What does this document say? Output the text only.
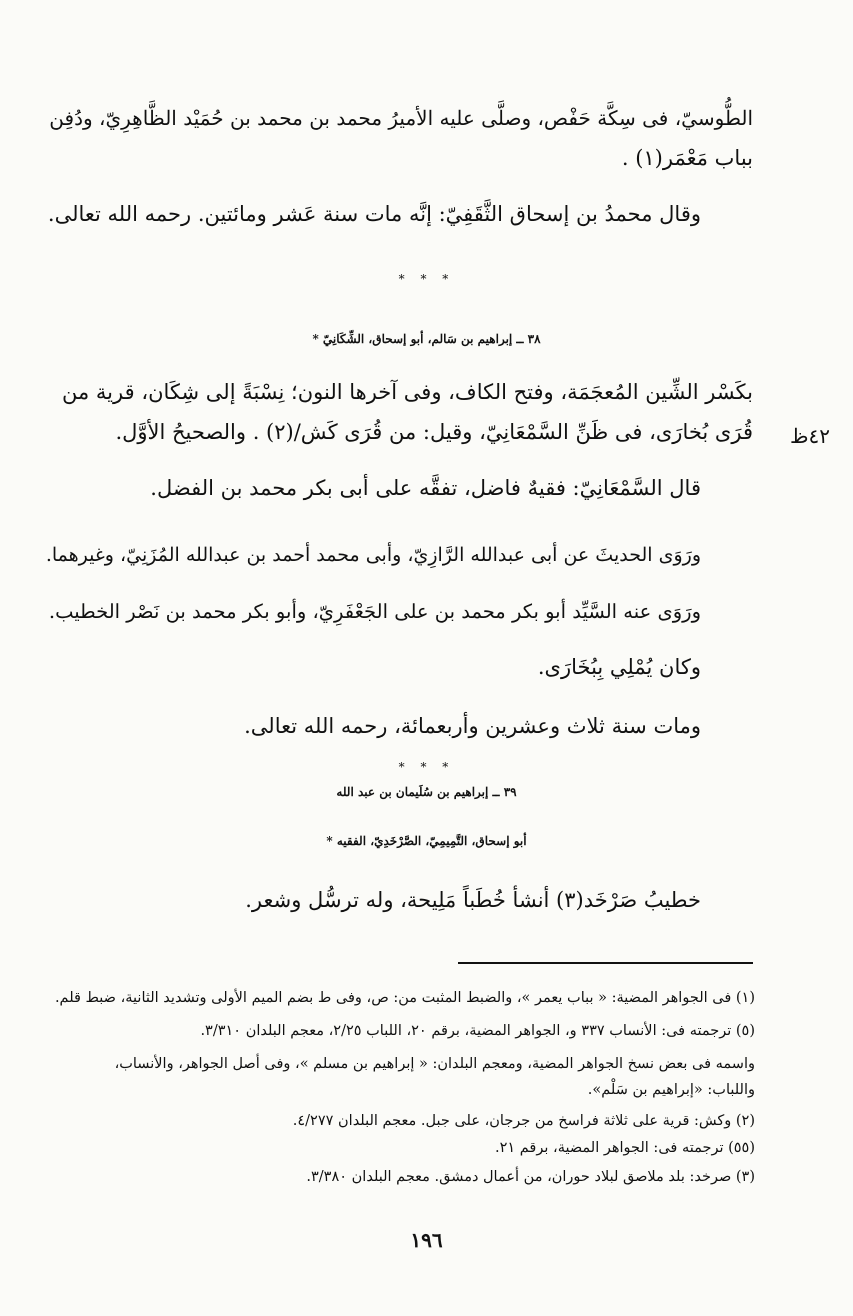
الطُّوسيّ، فى سِكَّة حَفْص، وصلَّى عليه الأميرُ محمد بن محمد بن حُمَيْد الظَّاهِرِيّ، ودُفِن
بباب مَعْمَر(١) .
وقال محمدُ بن إسحاق الثَّقَفِيّ: إنَّه مات سنة عَشر ومائتين. رحمه الله تعالى.
* * *
٣٨ ــ إبراهيم بن سَالم، أبو إسحاق، الشِّكَانِيّ *
بكَسْر الشِّين المُعجَمَة، وفتح الكاف، وفى آخرها النون؛ نِسْبَةً إلى شِكَان، قرية من
قُرَى بُخارَى، فى ظَنِّ السَّمْعَانِيّ، وقيل: من قُرَى كَش/(٢) . والصحيحُ الأوَّل. ٤٢ظ
قال السَّمْعَانِيّ: فقيهٌ فاضل، تفقَّه على أبى بكر محمد بن الفضل.
ورَوَى الحديثَ عن أبى عبدالله الرَّازِيّ، وأبى محمد أحمد بن عبدالله المُزَنِيّ، وغيرهما.
ورَوَى عنه السَّيِّد أبو بكر محمد بن على الجَعْفَرِيّ، وأبو بكر محمد بن نَصْر الخطيب.
وكان يُمْلِي بِبُخَارَى.
ومات سنة ثلاث وعشرين وأربعمائة، رحمه الله تعالى.
* * *
٣٩ ــ إبراهيم بن سُلَيمان بن عبد الله
أبو إسحاق، التَّمِيمِيّ، الصَّرْخَدِيّ، الفقيه *
خطيبُ صَرْخَد(٣) أنشأ خُطَباً مَلِيحة، وله ترسُّل وشعر.
(١) فى الجواهر المضية: « بباب يعمر »، والضبط المثبت من: ص، وفى ط بضم الميم الأولى وتشديد الثانية، ضبط قلم.
(٥) ترجمته فى: الأنساب ٣٣٧ و، الجواهر المضية، برقم ٢٠، اللباب ٢/٢٥، معجم البلدان ٣/٣١٠.
واسمه فى بعض نسخ الجواهر المضية، ومعجم البلدان: « إبراهيم بن مسلم »، وفى أصل الجواهر، والأنساب،
واللباب: «إبراهيم بن سَلْم».
(٢) وكش: قرية على ثلاثة فراسخ من جرجان، على جبل. معجم البلدان ٤/٢٧٧.
(٥٥) ترجمته فى: الجواهر المضية، برقم ٢١.
(٣) صرخد: بلد ملاصق لبلاد حوران، من أعمال دمشق. معجم البلدان ٣/٣٨٠.
١٩٦
